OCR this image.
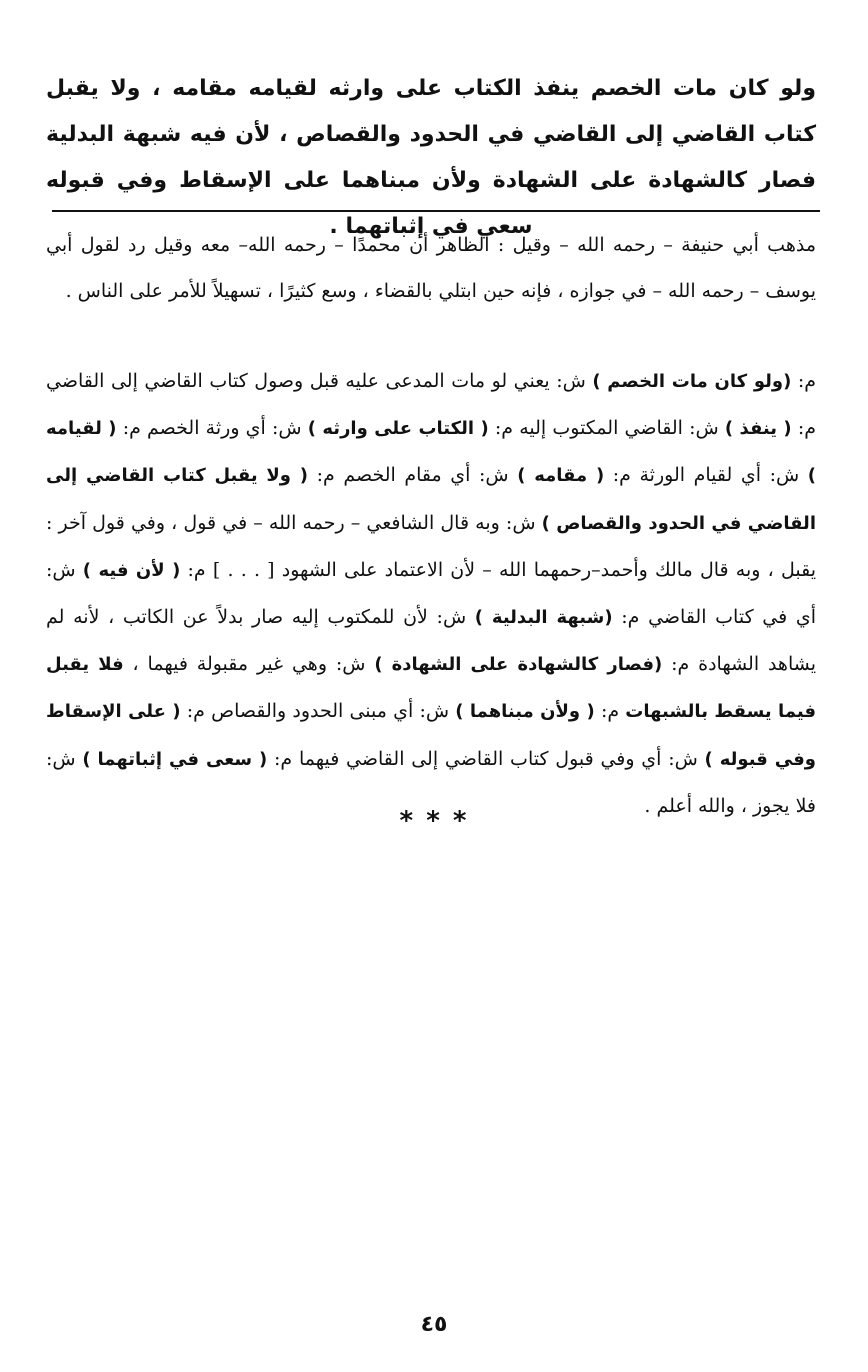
ولو كان مات الخصم ينفذ الكتاب على وارثه لقيامه مقامه ، ولا يقبل كتاب القاضي إلى القاضي في الحدود والقصاص ، لأن فيه شبهة البدلية فصار كالشهادة على الشهادة ولأن مبناهما على الإسقاط وفي قبوله سعي في إثباتهما .

مذهب أبي حنيفة – رحمه الله – وقيل : الظاهر أن محمدًا – رحمه الله– معه وقيل رد لقول أبي يوسف – رحمه الله – في جوازه ، فإنه حين ابتلي بالقضاء ، وسع كثيرًا ، تسهيلاً للأمر على الناس .

م: (ولو كان مات الخصم ) ش: يعني لو مات المدعى عليه قبل وصول كتاب القاضي إلى القاضي م: ( ينفذ ) ش: القاضي المكتوب إليه م: ( الكتاب على وارثه ) ش: أي ورثة الخصم م: ( لقيامه ) ش: أي لقيام الورثة م: ( مقامه ) ش: أي مقام الخصم م: ( ولا يقبل كتاب القاضي إلى القاضي في الحدود والقصاص ) ش: وبه قال الشافعي – رحمه الله – في قول ، وفي قول آخر : يقبل ، وبه قال مالك وأحمد–رحمهما الله – لأن الاعتماد على الشهود [ . . . ] م: ( لأن فيه ) ش: أي في كتاب القاضي م: (شبهة البدلية ) ش: لأن للمكتوب إليه صار بدلاً عن الكاتب ، لأنه لم يشاهد الشهادة م: (فصار كالشهادة على الشهادة ) ش: وهي غير مقبولة فيهما ، فلا يقبل فيما يسقط بالشبهات م: ( ولأن مبناهما ) ش: أي مبنى الحدود والقصاص م: ( على الإسقاط وفي قبوله ) ش: أي وفي قبول كتاب القاضي إلى القاضي فيهما م: ( سعى في إثباتهما ) ش: فلا يجوز ، والله أعلم .

* * *
٤٥
